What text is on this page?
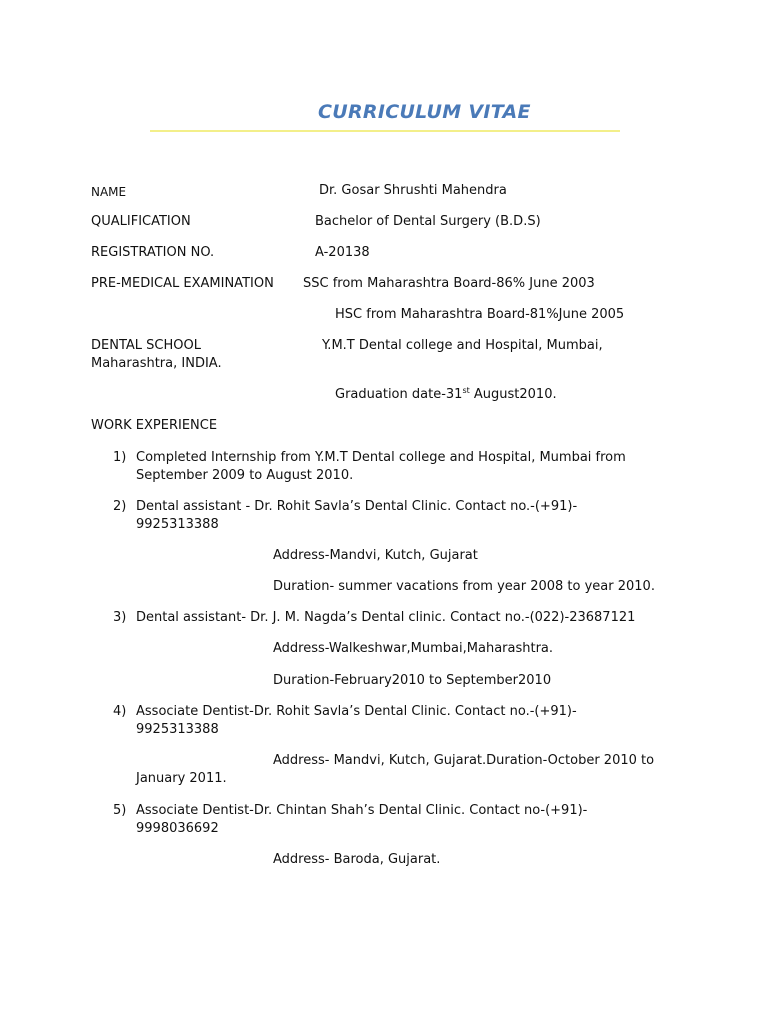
CURRICULUM VITAE
NAME	Dr. Gosar Shrushti Mahendra
QUALIFICATION	Bachelor of Dental Surgery (B.D.S)
REGISTRATION NO.	A-20138
PRE-MEDICAL EXAMINATION SSC from Maharashtra Board-86% June 2003
HSC from Maharashtra Board-81%June 2005
DENTAL SCHOOL	Y.M.T Dental college and Hospital, Mumbai,
Maharashtra, INDIA.
Graduation date-31st August2010.
WORK EXPERIENCE
1) Completed Internship from Y.M.T Dental college and Hospital, Mumbai from
September 2009 to August 2010.
2) Dental assistant - Dr. Rohit Savla’s Dental Clinic. Contact no.-(+91)-
9925313388
Address-Mandvi, Kutch, Gujarat
Duration- summer vacations from year 2008 to year 2010.
3) Dental assistant- Dr. J. M. Nagda’s Dental clinic. Contact no.-(022)-23687121
Address-Walkeshwar,Mumbai,Maharashtra.
Duration-February2010 to September2010
4) Associate Dentist-Dr. Rohit Savla’s Dental Clinic. Contact no.-(+91)-
9925313388
Address- Mandvi, Kutch, Gujarat.Duration-October 2010 to
January 2011.
5) Associate Dentist-Dr. Chintan Shah’s Dental Clinic. Contact no-(+91)-
9998036692
Address- Baroda, Gujarat.
